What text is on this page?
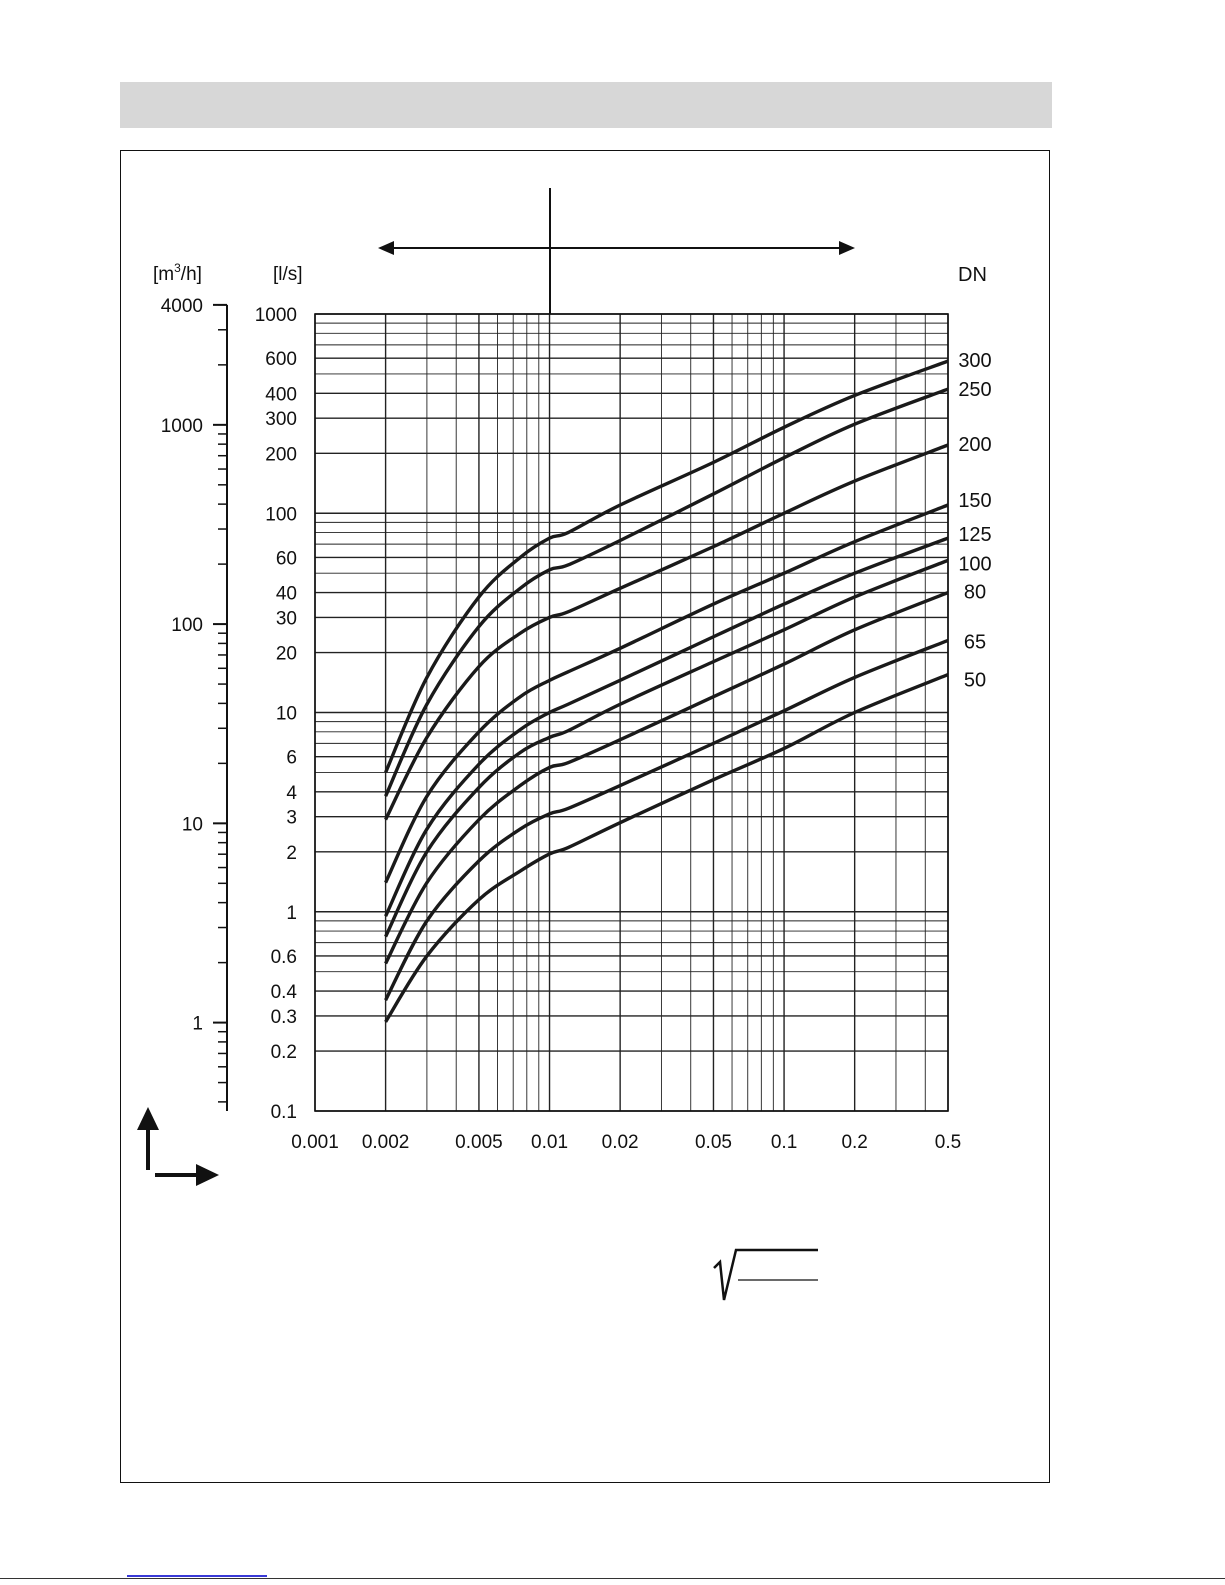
0.001 0.002 0.005 0.01 0.02	0.05 0.1 0.2	0.5
1000
600
400
300
200
100
60
40
30
20
10
6
4
3
2
1
0.6
0.4
0.3
0.2
0.1
4000
1000
100
10
1
300
250
200
150
125
100
80
65
50
$[m^3/h]$	[l/s]	DN
